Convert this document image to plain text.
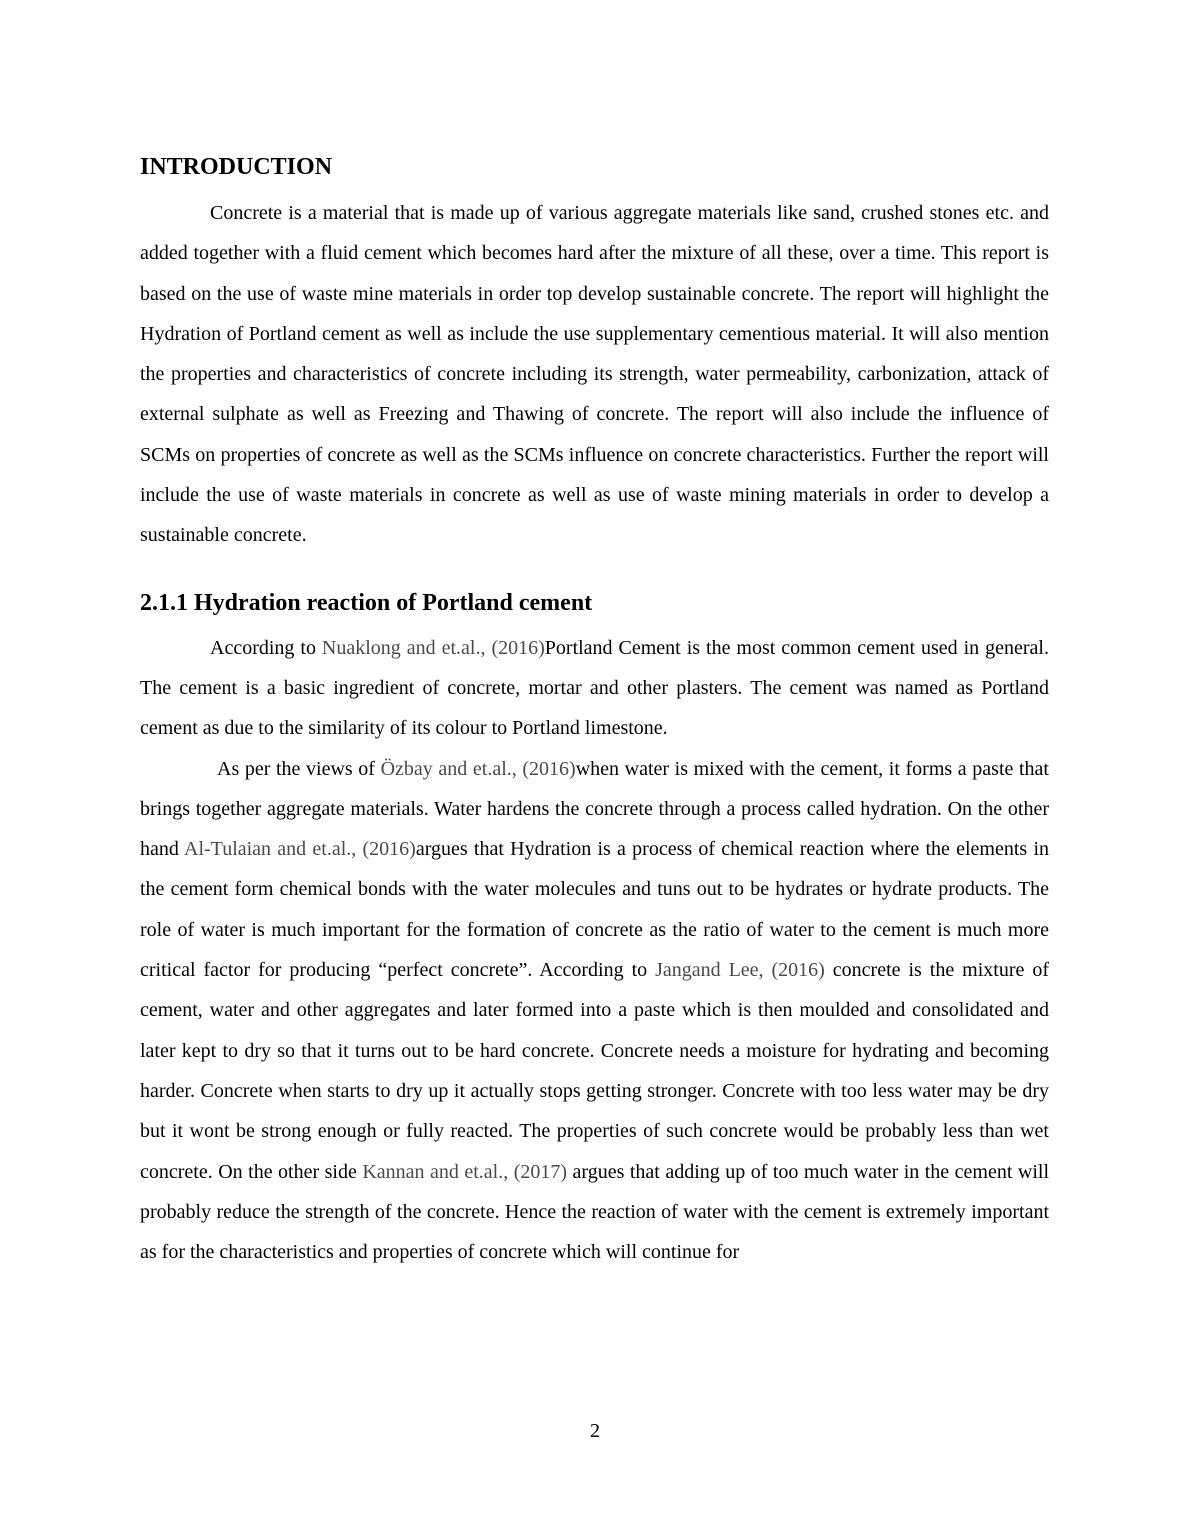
INTRODUCTION

Concrete is a material that is made up of various aggregate materials like sand, crushed stones etc. and added together with a fluid cement which becomes hard after the mixture of all these, over a time. This report is based on the use of waste mine materials in order top develop sustainable concrete. The report will highlight the Hydration of Portland cement as well as include the use supplementary cementious material. It will also mention the properties and characteristics of concrete including its strength, water permeability, carbonization, attack of external sulphate as well as Freezing and Thawing of concrete. The report will also include the influence of SCMs on properties of concrete as well as the SCMs influence on concrete characteristics. Further the report will include the use of waste materials in concrete as well as use of waste mining materials in order to develop a sustainable concrete.

2.1.1 Hydration reaction of Portland cement

According to Nuaklong and et.al., (2016)Portland Cement is the most common cement used in general. The cement is a basic ingredient of concrete, mortar and other plasters. The cement was named as Portland cement as due to the similarity of its colour to Portland limestone.

As per the views of Özbay and et.al., (2016)when water is mixed with the cement, it forms a paste that brings together aggregate materials. Water hardens the concrete through a process called hydration. On the other hand Al-Tulaian and et.al., (2016)argues that Hydration is a process of chemical reaction where the elements in the cement form chemical bonds with the water molecules and tuns out to be hydrates or hydrate products. The role of water is much important for the formation of concrete as the ratio of water to the cement is much more critical factor for producing “perfect concrete”. According to Jangand Lee, (2016) concrete is the mixture of cement, water and other aggregates and later formed into a paste which is then moulded and consolidated and later kept to dry so that it turns out to be hard concrete. Concrete needs a moisture for hydrating and becoming harder. Concrete when starts to dry up it actually stops getting stronger. Concrete with too less water may be dry but it wont be strong enough or fully reacted. The properties of such concrete would be probably less than wet concrete. On the other side Kannan and et.al., (2017) argues that adding up of too much water in the cement will probably reduce the strength of the concrete. Hence the reaction of water with the cement is extremely important as for the characteristics and properties of concrete which will continue for

2
